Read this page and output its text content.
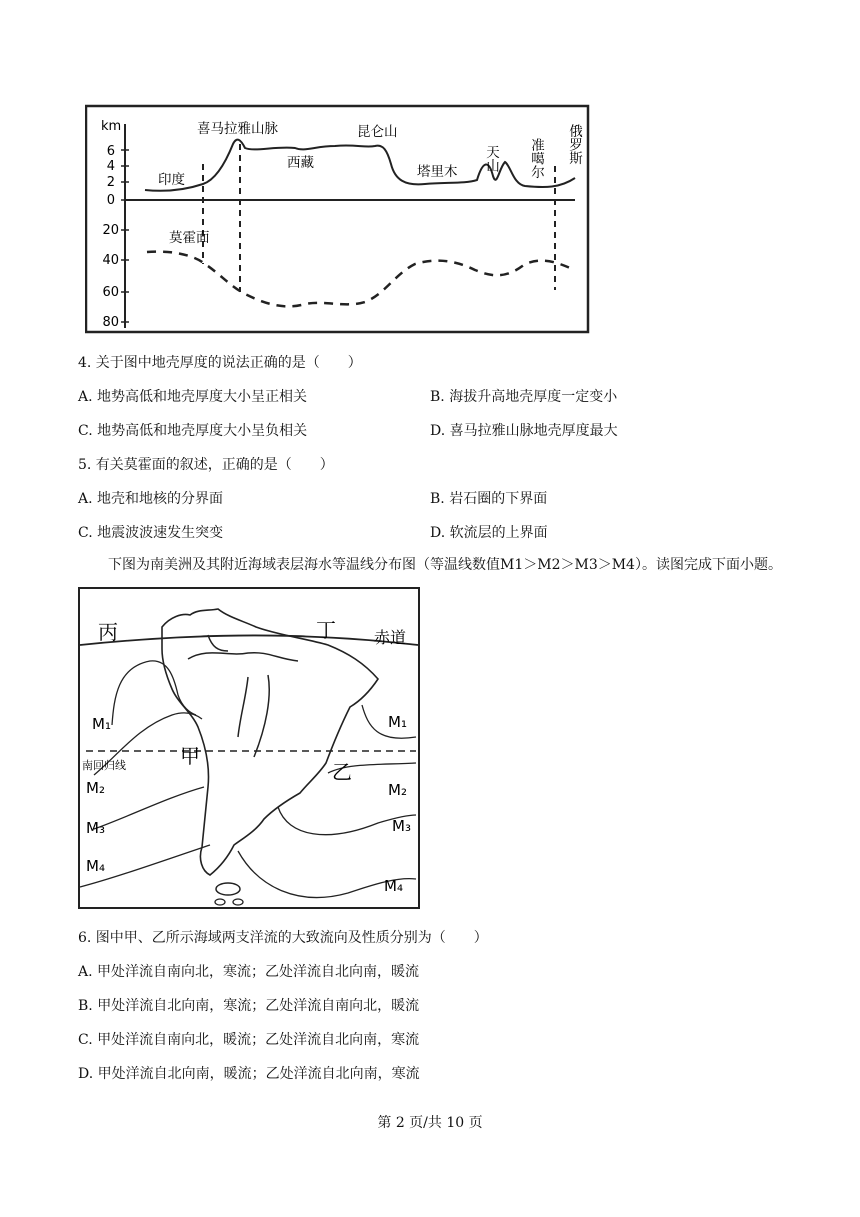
km
6
4
2
0
20
40
60
80
喜马拉雅山脉	昆仑山
印度
西藏
塔里木 天山 准噶尔 俄罗斯
莫霍面
4. 关于图中地壳厚度的说法正确的是（　　）
A. 地势高低和地壳厚度大小呈正相关	B. 海拔升高地壳厚度一定变小
C. 地势高低和地壳厚度大小呈负相关	D. 喜马拉雅山脉地壳厚度最大
5. 有关莫霍面的叙述，正确的是（　　）
A. 地壳和地核的分界面	B. 岩石圈的下界面
C. 地震波波速发生突变	D. 软流层的上界面
下图为南美洲及其附近海域表层海水等温线分布图（等温线数值M1＞M2＞M3＞M4）。读图完成下面小题。
丙	丁 赤道
甲
乙
南回归线
M₁
M₂
M₃
M₄
M₁
M₂
M₃
M₄
6. 图中甲、乙所示海域两支洋流的大致流向及性质分别为（　　）
A. 甲处洋流自南向北，寒流；乙处洋流自北向南，暖流
B. 甲处洋流自北向南，寒流；乙处洋流自南向北，暖流
C. 甲处洋流自南向北，暖流；乙处洋流自北向南，寒流
D. 甲处洋流自北向南，暖流；乙处洋流自北向南，寒流
第 2 页/共 10 页
